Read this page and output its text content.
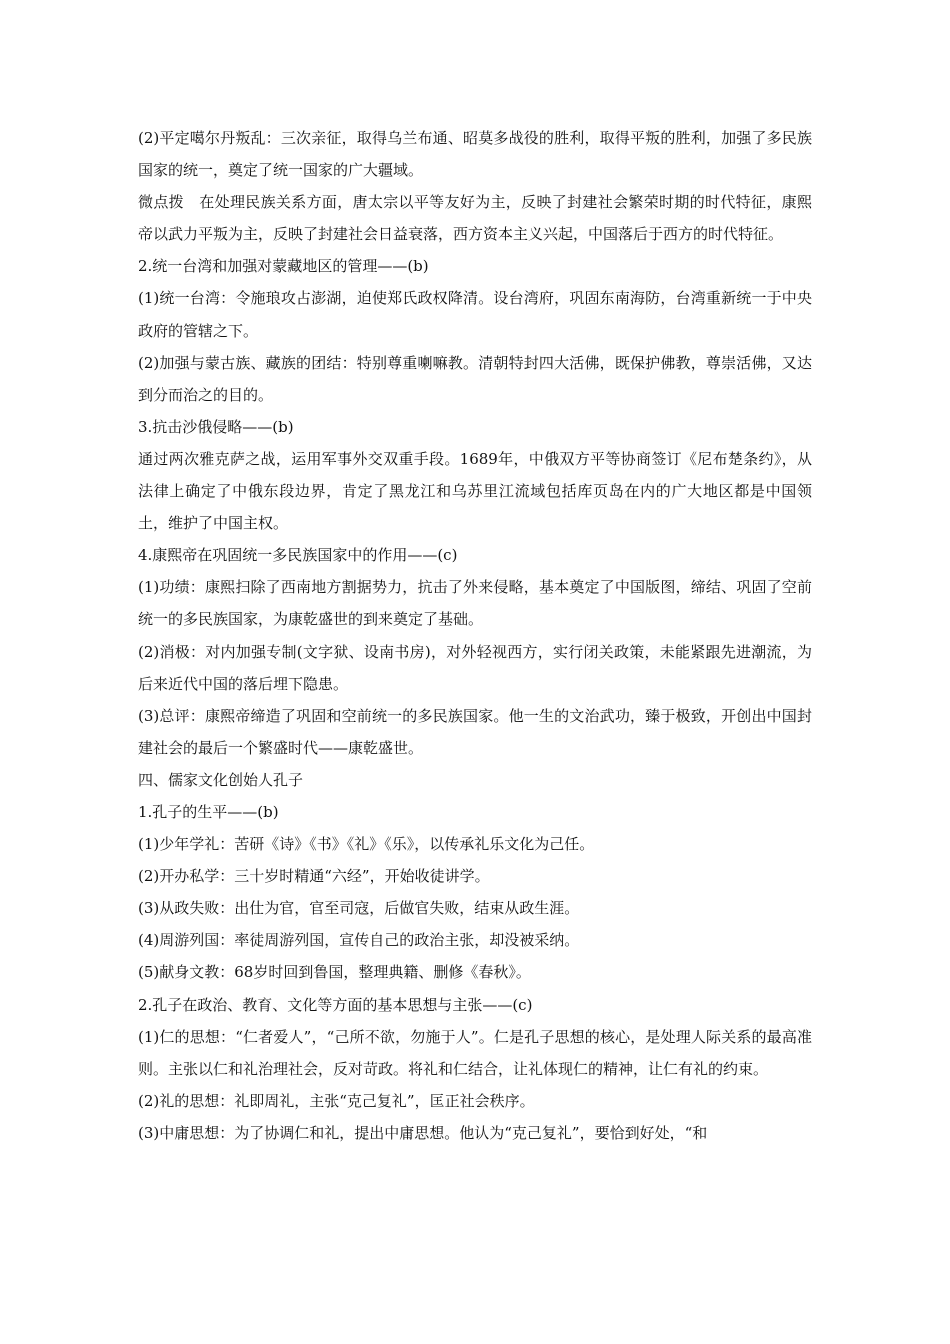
(2)平定噶尔丹叛乱：三次亲征，取得乌兰布通、昭莫多战役的胜利，取得平叛的胜利，加强了多民族国家的统一，奠定了统一国家的广大疆域。

微点拨　在处理民族关系方面，唐太宗以平等友好为主，反映了封建社会繁荣时期的时代特征，康熙帝以武力平叛为主，反映了封建社会日益衰落，西方资本主义兴起，中国落后于西方的时代特征。

2.统一台湾和加强对蒙藏地区的管理——(b)

(1)统一台湾：令施琅攻占澎湖，迫使郑氏政权降清。设台湾府，巩固东南海防，台湾重新统一于中央政府的管辖之下。

(2)加强与蒙古族、藏族的团结：特别尊重喇嘛教。清朝特封四大活佛，既保护佛教，尊崇活佛，又达到分而治之的目的。

3.抗击沙俄侵略——(b)

通过两次雅克萨之战，运用军事外交双重手段。1689年，中俄双方平等协商签订《尼布楚条约》，从法律上确定了中俄东段边界，肯定了黑龙江和乌苏里江流域包括库页岛在内的广大地区都是中国领土，维护了中国主权。

4.康熙帝在巩固统一多民族国家中的作用——(c)

(1)功绩：康熙扫除了西南地方割据势力，抗击了外来侵略，基本奠定了中国版图，缔结、巩固了空前统一的多民族国家，为康乾盛世的到来奠定了基础。

(2)消极：对内加强专制(文字狱、设南书房)，对外轻视西方，实行闭关政策，未能紧跟先进潮流，为后来近代中国的落后埋下隐患。

(3)总评：康熙帝缔造了巩固和空前统一的多民族国家。他一生的文治武功，臻于极致，开创出中国封建社会的最后一个繁盛时代——康乾盛世。

四、儒家文化创始人孔子

1.孔子的生平——(b)

(1)少年学礼：苦研《诗》《书》《礼》《乐》，以传承礼乐文化为己任。

(2)开办私学：三十岁时精通“六经”，开始收徒讲学。

(3)从政失败：出仕为官，官至司寇，后做官失败，结束从政生涯。

(4)周游列国：率徒周游列国，宣传自己的政治主张，却没被采纳。

(5)献身文教：68岁时回到鲁国，整理典籍、删修《春秋》。

2.孔子在政治、教育、文化等方面的基本思想与主张——(c)

(1)仁的思想：“仁者爱人”，“己所不欲，勿施于人”。仁是孔子思想的核心，是处理人际关系的最高准则。主张以仁和礼治理社会，反对苛政。将礼和仁结合，让礼体现仁的精神，让仁有礼的约束。

(2)礼的思想：礼即周礼，主张“克己复礼”，匡正社会秩序。

(3)中庸思想：为了协调仁和礼，提出中庸思想。他认为“克己复礼”，要恰到好处，“和
